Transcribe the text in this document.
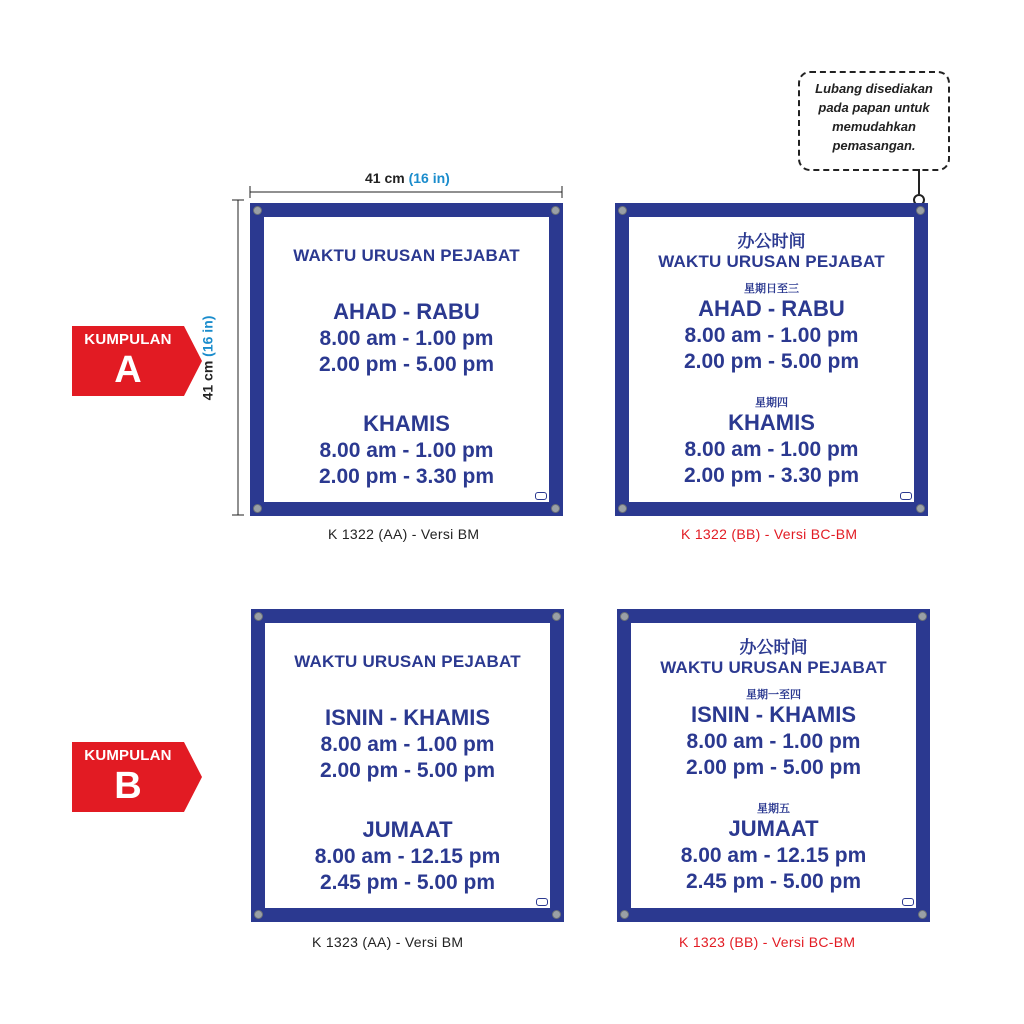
41 cm (16 in)
41 cm (16 in)
Lubang disediakan
pada papan untuk
memudahkan
pemasangan.
KUMPULAN
A
KUMPULAN
B
WAKTU URUSAN PEJABAT
AHAD - RABU
8.00 am - 1.00 pm
2.00 pm - 5.00 pm
KHAMIS
8.00 am - 1.00 pm
2.00 pm - 3.30 pm
K 1322 (AA) - Versi BM
办公时间
WAKTU URUSAN PEJABAT
星期日至三
AHAD - RABU
8.00 am - 1.00 pm
2.00 pm - 5.00 pm
星期四
KHAMIS
8.00 am - 1.00 pm
2.00 pm - 3.30 pm
K 1322 (BB) - Versi BC-BM
WAKTU URUSAN PEJABAT
ISNIN - KHAMIS
8.00 am - 1.00 pm
2.00 pm - 5.00 pm
JUMAAT
8.00 am - 12.15 pm
2.45 pm - 5.00 pm
K 1323 (AA) - Versi BM
办公时间
WAKTU URUSAN PEJABAT
星期一至四
ISNIN - KHAMIS
8.00 am - 1.00 pm
2.00 pm - 5.00 pm
星期五
JUMAAT
8.00 am - 12.15 pm
2.45 pm - 5.00 pm
K 1323 (BB) - Versi BC-BM
